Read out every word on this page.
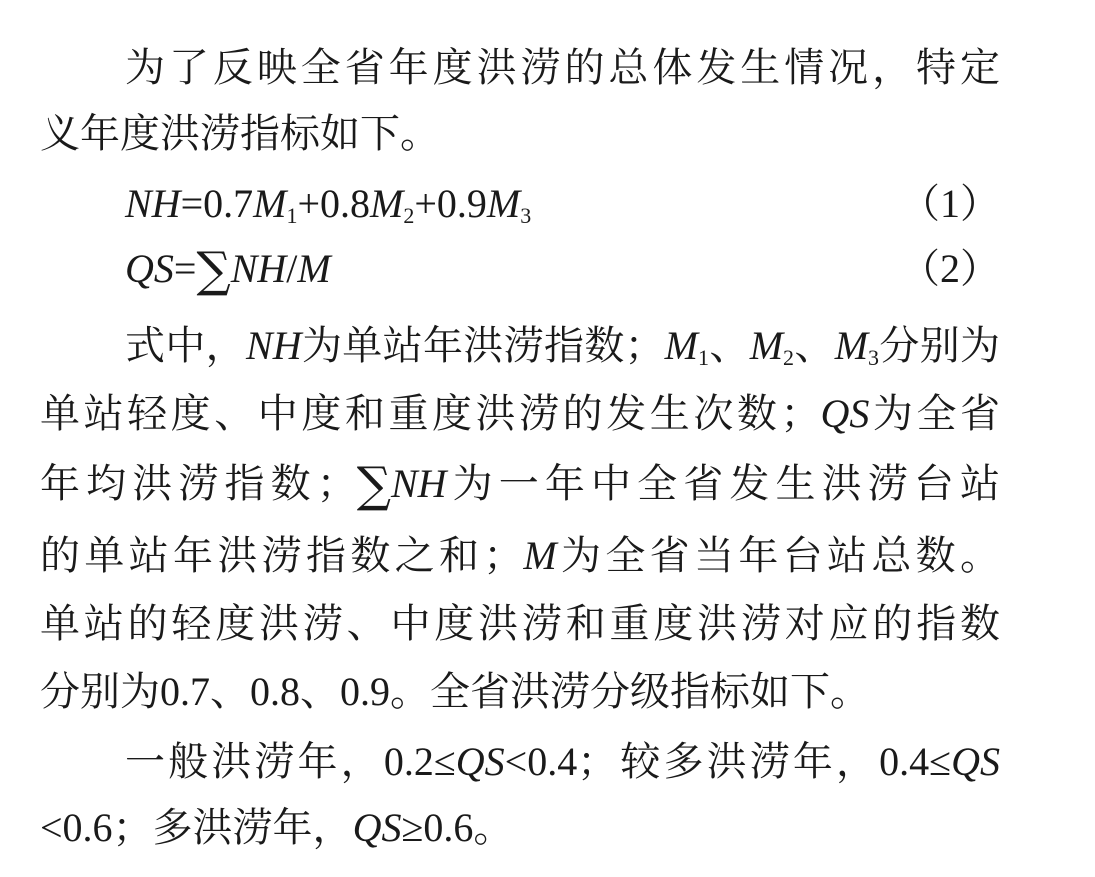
为了反映全省年度洪涝的总体发生情况，特定
义年度洪涝指标如下。
$NH=0.7M_1+0.8M_2+0.9M_3$	（1）
QS=∑NH/M	（2）
式中，NH为单站年洪涝指数；$M_1$、$M_2$、$M_3$分别为
单站轻度、中度和重度洪涝的发生次数；QS为全省
年均洪涝指数；∑NH为一年中全省发生洪涝台站
的单站年洪涝指数之和；M为全省当年台站总数。
单站的轻度洪涝、中度洪涝和重度洪涝对应的指数
分别为0.7、0.8、0.9。全省洪涝分级指标如下。
一般洪涝年，0.2≤QS<0.4；较多洪涝年，0.4≤QS
<0.6；多洪涝年，QS≥0.6。
